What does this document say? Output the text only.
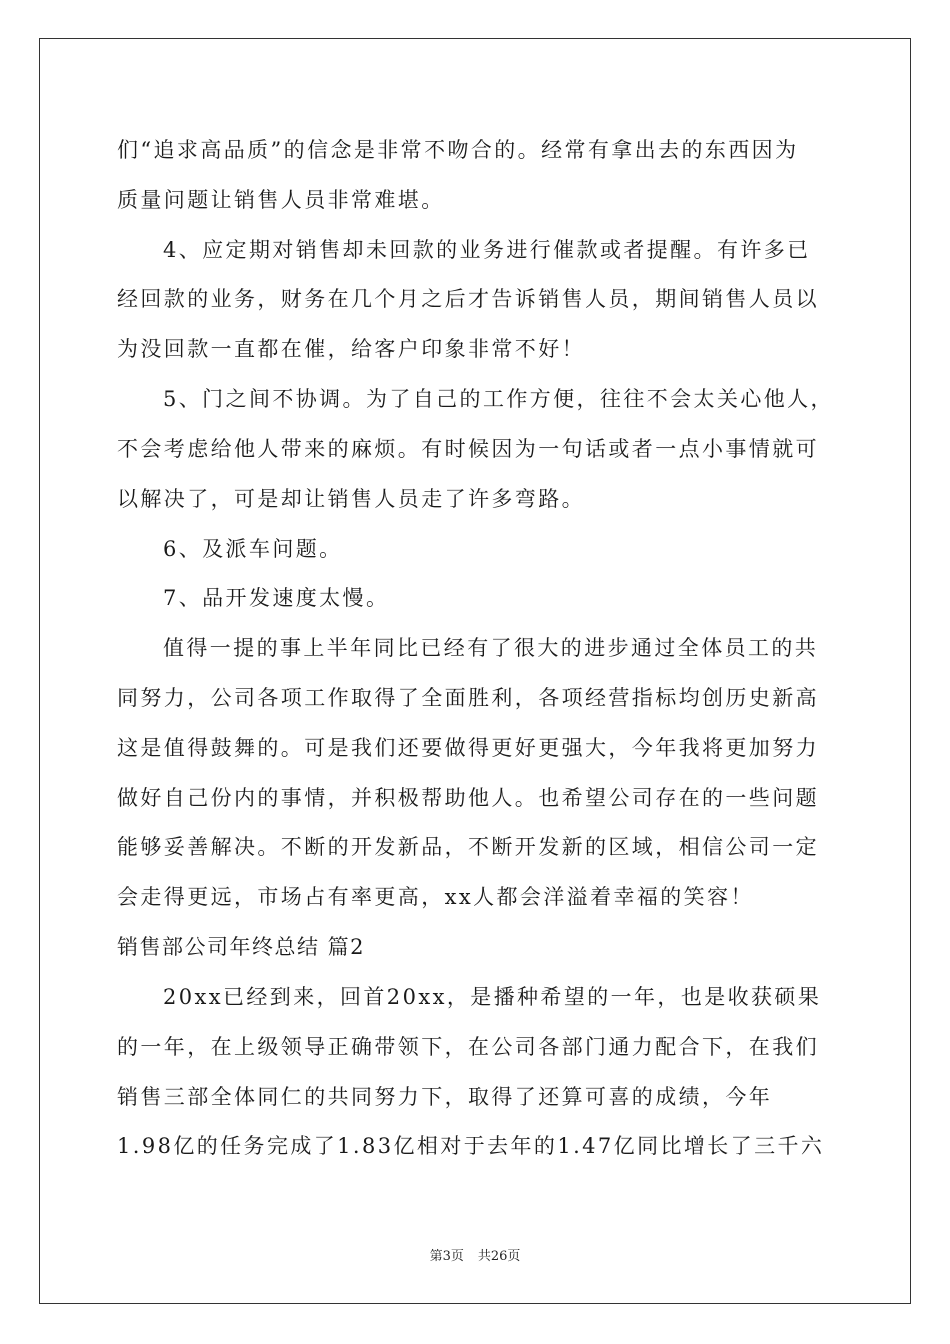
们“追求高品质”的信念是非常不吻合的。经常有拿出去的东西因为
质量问题让销售人员非常难堪。
4、应定期对销售却未回款的业务进行催款或者提醒。有许多已
经回款的业务，财务在几个月之后才告诉销售人员，期间销售人员以
为没回款一直都在催，给客户印象非常不好！
5、门之间不协调。为了自己的工作方便，往往不会太关心他人，
不会考虑给他人带来的麻烦。有时候因为一句话或者一点小事情就可
以解决了，可是却让销售人员走了许多弯路。
6、及派车问题。
7、品开发速度太慢。
值得一提的事上半年同比已经有了很大的进步通过全体员工的共
同努力，公司各项工作取得了全面胜利，各项经营指标均创历史新高
这是值得鼓舞的。可是我们还要做得更好更强大，今年我将更加努力
做好自己份内的事情，并积极帮助他人。也希望公司存在的一些问题
能够妥善解决。不断的开发新品，不断开发新的区域，相信公司一定
会走得更远，市场占有率更高，xx人都会洋溢着幸福的笑容！
销售部公司年终总结 篇2
20xx已经到来，回首20xx，是播种希望的一年，也是收获硕果
的一年，在上级领导正确带领下，在公司各部门通力配合下，在我们
销售三部全体同仁的共同努力下，取得了还算可喜的成绩，今年
1.98亿的任务完成了1.83亿相对于去年的1.47亿同比增长了三千六
第3页 共26页
